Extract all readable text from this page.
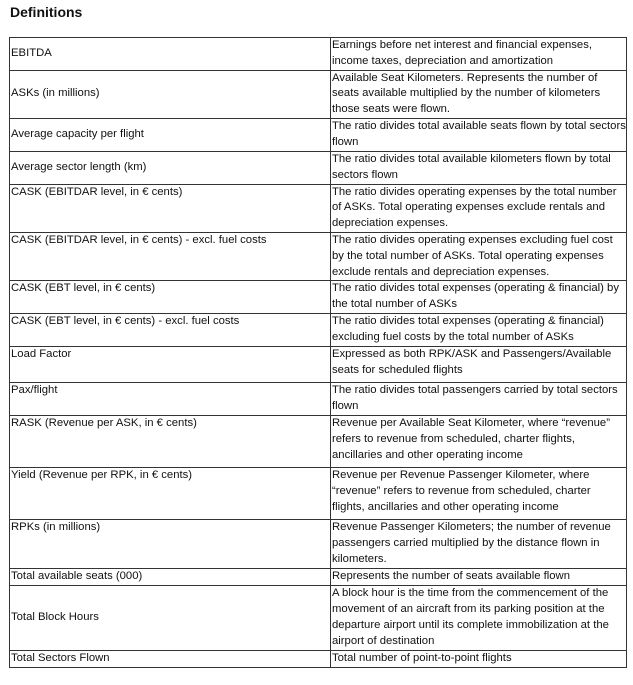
Definitions
EBITDA	Earnings before net interest and financial expenses, income taxes, depreciation and amortization
ASKs (in millions)	Available Seat Kilometers. Represents the number of seats available multiplied by the number of kilometers those seats were flown.
Average capacity per flight	The ratio divides total available seats flown by total sectors flown
Average sector length (km)	The ratio divides total available kilometers flown by total sectors flown
CASK (EBITDAR level, in € cents)	The ratio divides operating expenses by the total number of ASKs. Total operating expenses exclude rentals and depreciation expenses.
CASK (EBITDAR level, in € cents) - excl. fuel costs	The ratio divides operating expenses excluding fuel cost by the total number of ASKs. Total operating expenses exclude rentals and depreciation expenses.
CASK (EBT level, in € cents)	The ratio divides total expenses (operating & financial) by the total number of ASKs
CASK (EBT level, in € cents) - excl. fuel costs	The ratio divides total expenses (operating & financial) excluding fuel costs by the total number of ASKs
Load Factor	Expressed as both RPK/ASK and Passengers/Available seats for scheduled flights
Pax/flight	The ratio divides total passengers carried by total sectors flown
RASK (Revenue per ASK, in € cents)	Revenue per Available Seat Kilometer, where “revenue” refers to revenue from scheduled, charter flights, ancillaries and other operating income
Yield (Revenue per RPK, in € cents)	Revenue per Revenue Passenger Kilometer, where “revenue” refers to revenue from scheduled, charter flights, ancillaries and other operating income
RPKs (in millions)	Revenue Passenger Kilometers; the number of revenue passengers carried multiplied by the distance flown in kilometers.
Total available seats (000)	Represents the number of seats available flown
Total Block Hours	A block hour is the time from the commencement of the movement of an aircraft from its parking position at the departure airport until its complete immobilization at the airport of destination
Total Sectors Flown	Total number of point-to-point flights
